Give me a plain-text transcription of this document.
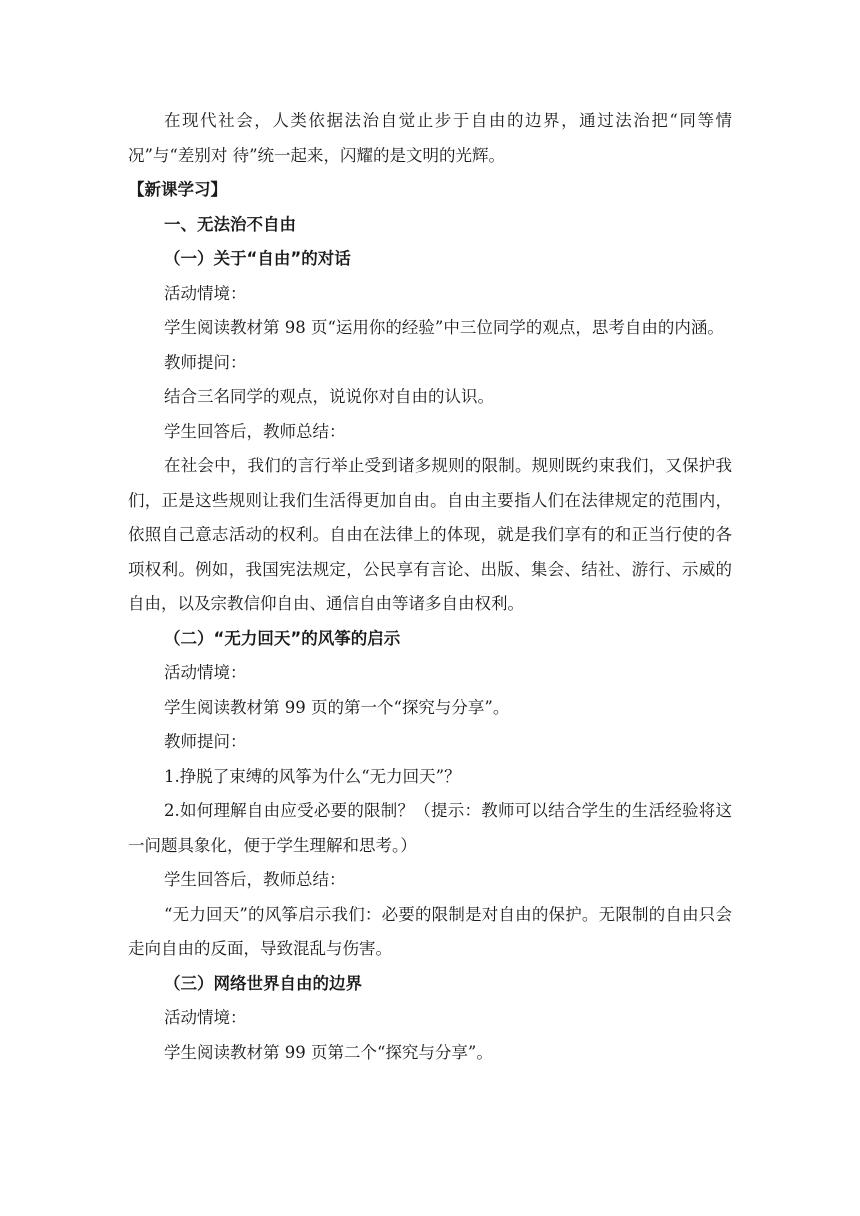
在现代社会，人类依据法治自觉止步于自由的边界，通过法治把“同等情况”与“差别对 待”统一起来，闪耀的是文明的光辉。

【新课学习】

一、无法治不自由

（一）关于“自由”的对话

活动情境：

学生阅读教材第 98 页“运用你的经验”中三位同学的观点，思考自由的内涵。

教师提问：

结合三名同学的观点，说说你对自由的认识。

学生回答后，教师总结：

在社会中，我们的言行举止受到诸多规则的限制。规则既约束我们，又保护我们，正是这些规则让我们生活得更加自由。自由主要指人们在法律规定的范围内，依照自己意志活动的权利。自由在法律上的体现，就是我们享有的和正当行使的各项权利。例如，我国宪法规定，公民享有言论、出版、集会、结社、游行、示威的自由，以及宗教信仰自由、通信自由等诸多自由权利。

（二）“无力回天”的风筝的启示

活动情境：

学生阅读教材第 99 页的第一个“探究与分享”。

教师提问：

1.挣脱了束缚的风筝为什么“无力回天”？

2.如何理解自由应受必要的限制？（提示：教师可以结合学生的生活经验将这一问题具象化，便于学生理解和思考。）

学生回答后，教师总结：

“无力回天”的风筝启示我们：必要的限制是对自由的保护。无限制的自由只会走向自由的反面，导致混乱与伤害。

（三）网络世界自由的边界

活动情境：

学生阅读教材第 99 页第二个“探究与分享”。
